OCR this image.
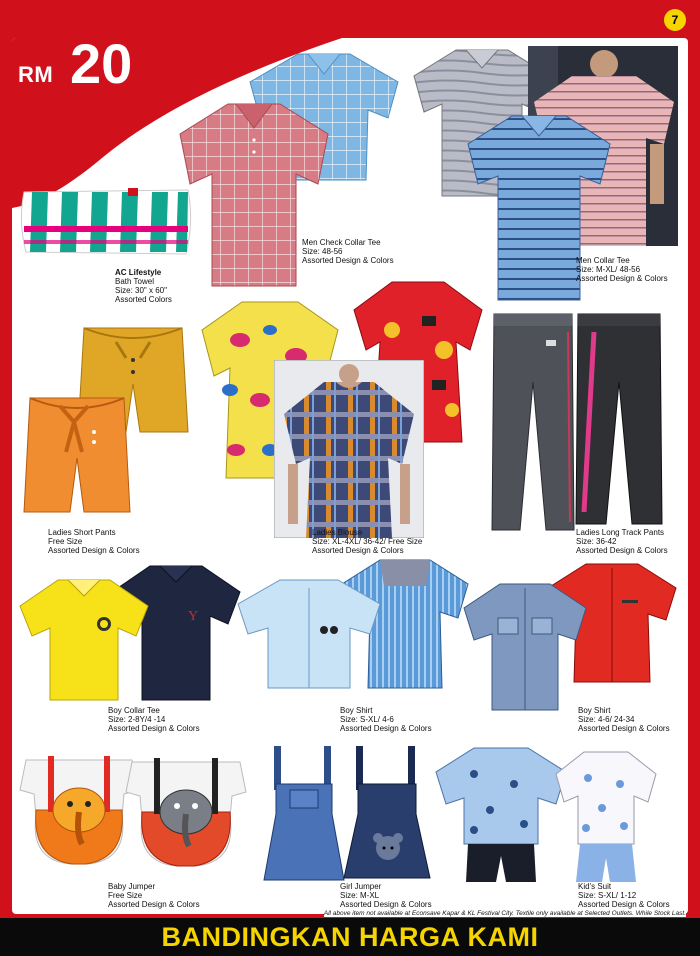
7
RM 20
AC Lifestyle
Bath Towel
Size: 30" x 60"
Assorted Colors
Men Check Collar Tee
Size: 48-56
Assorted Design & Colors	Men Collar Tee
Size: M-XL/ 48-56
Assorted Design & Colors
Ladies Short Pants
Free Size
Assorted Design & Colors
Ladies Blouse
Size: XL-4XL/ 36-42/ Free Size
Assorted Design & Colors
Ladies Long Track Pants
Size: 36-42
Assorted Design & Colors
Y
Boy Collar Tee
Size: 2-8Y/4 -14
Assorted Design & Colors
Boy Shirt
Size: S-XL/ 4-6
Assorted Design & Colors
Boy Shirt
Size: 4-6/ 24-34
Assorted Design & Colors
Baby Jumper
Free Size
Assorted Design & Colors
Girl Jumper
Size: M-XL
Assorted Design & Colors
Kid's Suit
Size: S-XL/ 1-12
Assorted Design & Colors
All above item not available at Econsave Kapar & KL Festival City. Textile only available at Selected Outlets. While Stock Last.
BANDINGKAN HARGA KAMI
